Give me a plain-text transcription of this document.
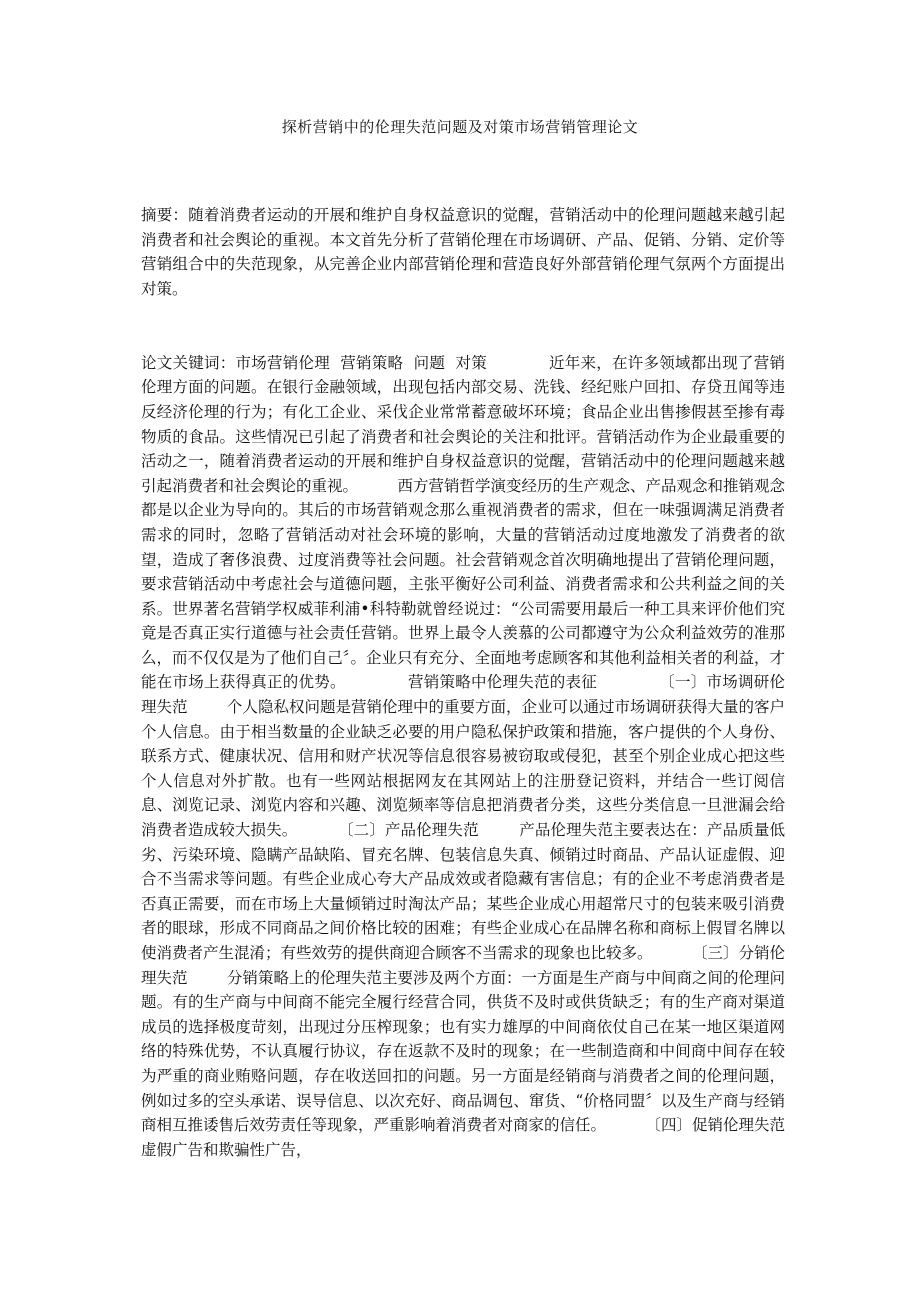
探析营销中的伦理失范问题及对策市场营销管理论文

摘要：随着消费者运动的开展和维护自身权益意识的觉醒，营销活动中的伦理问题越来越引起消费者和社会舆论的重视。本文首先分析了营销伦理在市场调研、产品、促销、分销、定价等营销组合中的失范现象，从完善企业内部营销伦理和营造良好外部营销伦理气氛两个方面提出对策。

论文关键词：市场营销伦理  营销策略  问题  对策            近年来，在许多领域都出现了营销伦理方面的问题。在银行金融领域，出现包括内部交易、洗钱、经纪账户回扣、存贷丑闻等违反经济伦理的行为；有化工企业、采伐企业常常蓄意破坏环境；食品企业出售掺假甚至掺有毒物质的食品。这些情况已引起了消费者和社会舆论的关注和批评。营销活动作为企业最重要的活动之一，随着消费者运动的开展和维护自身权益意识的觉醒，营销活动中的伦理问题越来越引起消费者和社会舆论的重视。        西方营销哲学演变经历的生产观念、产品观念和推销观念都是以企业为导向的。其后的市场营销观念那么重视消费者的需求，但在一味强调满足消费者需求的同时，忽略了营销活动对社会环境的影响，大量的营销活动过度地激发了消费者的欲望，造成了奢侈浪费、过度消费等社会问题。社会营销观念首次明确地提出了营销伦理问题，要求营销活动中考虑社会与道德问题，主张平衡好公司利益、消费者需求和公共利益之间的关系。世界著名营销学权威菲利浦•科特勒就曾经说过：“公司需要用最后一种工具来评价他们究竟是否真正实行道德与社会责任营销。世界上最令人羡慕的公司都遵守为公众利益效劳的准那么，而不仅仅是为了他们自己〞。企业只有充分、全面地考虑顾客和其他利益相关者的利益，才能在市场上获得真正的优势。            营销策略中伦理失范的表征            〔一〕市场调研伦理失范        个人隐私权问题是营销伦理中的重要方面，企业可以通过市场调研获得大量的客户个人信息。由于相当数量的企业缺乏必要的用户隐私保护政策和措施，客户提供的个人身份、联系方式、健康状况、信用和财产状况等信息很容易被窃取或侵犯，甚至个别企业成心把这些个人信息对外扩散。也有一些网站根据网友在其网站上的注册登记资料，并结合一些订阅信息、浏览记录、浏览内容和兴趣、浏览频率等信息把消费者分类，这些分类信息一旦泄漏会给消费者造成较大损失。        〔二〕产品伦理失范        产品伦理失范主要表达在：产品质量低劣、污染环境、隐瞒产品缺陷、冒充名牌、包装信息失真、倾销过时商品、产品认证虚假、迎合不当需求等问题。有些企业成心夸大产品成效或者隐藏有害信息；有的企业不考虑消费者是否真正需要，而在市场上大量倾销过时淘汰产品；某些企业成心用超常尺寸的包装来吸引消费者的眼球，形成不同商品之间价格比较的困难；有些企业成心在品牌名称和商标上假冒名牌以使消费者产生混淆；有些效劳的提供商迎合顾客不当需求的现象也比较多。        〔三〕分销伦理失范        分销策略上的伦理失范主要涉及两个方面：一方面是生产商与中间商之间的伦理问题。有的生产商与中间商不能完全履行经营合同，供货不及时或供货缺乏；有的生产商对渠道成员的选择极度苛刻，出现过分压榨现象；也有实力雄厚的中间商依仗自己在某一地区渠道网络的特殊优势，不认真履行协议，存在返款不及时的现象；在一些制造商和中间商中间存在较为严重的商业贿赂问题，存在收送回扣的问题。另一方面是经销商与消费者之间的伦理问题，例如过多的空头承诺、误导信息、以次充好、商品调包、窜货、“价格同盟〞以及生产商与经销商相互推诿售后效劳责任等现象，严重影响着消费者对商家的信任。        〔四〕促销伦理失范        虚假广告和欺骗性广告，
